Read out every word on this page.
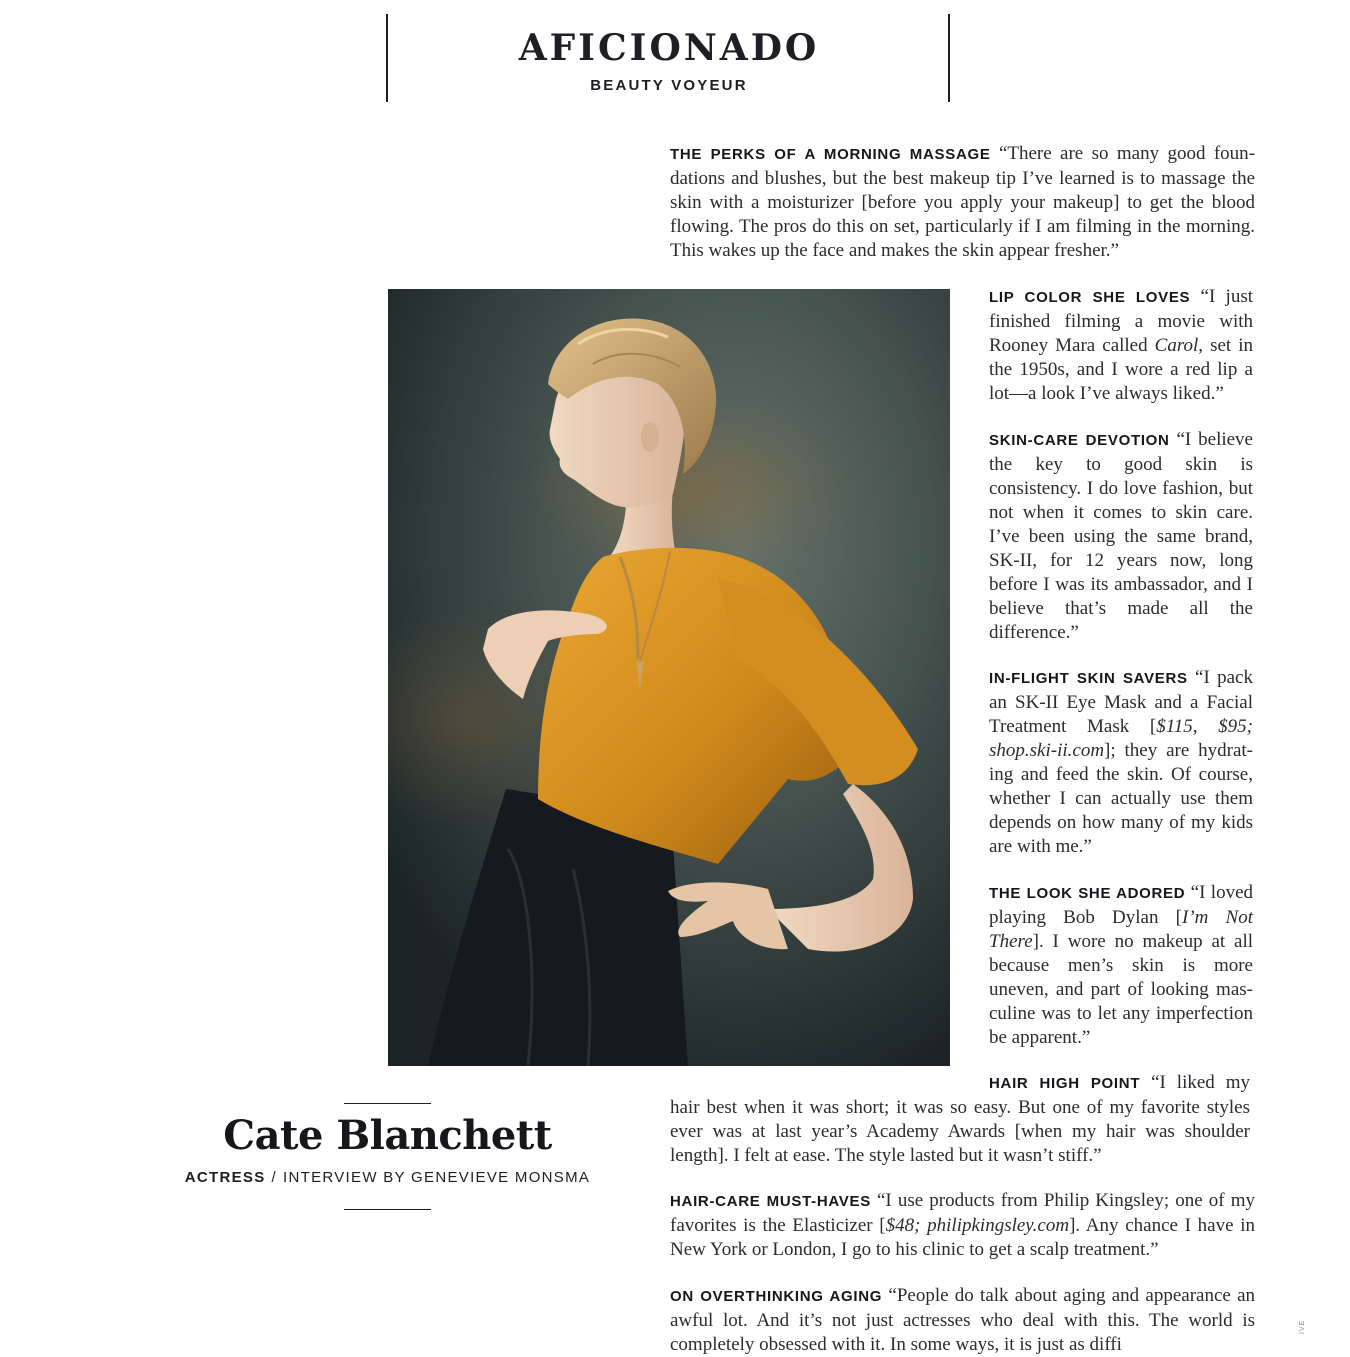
AFICIONADO
BEAUTY VOYEUR

THE PERKS OF A MORNING MASSAGE “There are so many good foundations and blushes, but the best makeup tip I’ve learned is to massage the skin with a moisturizer [before you apply your makeup] to get the blood flowing. The pros do this on set, particularly if I am filming in the morning. This wakes up the face and makes the skin appear fresher.”

LIP COLOR SHE LOVES “I just finished filming a movie with Rooney Mara called Carol, set in the 1950s, and I wore a red lip a lot—a look I’ve always liked.”

SKIN-CARE DEVOTION “I believe the key to good skin is consistency. I do love fashion, but not when it comes to skin care. I’ve been using the same brand, SK-II, for 12 years now, long before I was its ambassador, and I believe that’s made all the difference.”

IN-FLIGHT SKIN SAVERS “I pack an SK-II Eye Mask and a Facial Treatment Mask [$115, $95; shop.ski-ii.com]; they are hydrating and feed the skin. Of course, whether I can actually use them depends on how many of my kids are with me.”

THE LOOK SHE ADORED “I loved playing Bob Dylan [I’m Not There]. I wore no makeup at all because men’s skin is more uneven, and part of looking masculine was to let any imperfection be apparent.”

HAIR HIGH POINT “I liked my hair best when it was short; it was so easy. But one of my favorite styles ever was at last year’s Academy Awards [when my hair was shoulder length]. I felt at ease. The style lasted but it wasn’t stiff.”

HAIR-CARE MUST-HAVES “I use products from Philip Kingsley; one of my favorites is the Elasticizer [$48; philipkingsley.com]. Any chance I have in New York or London, I go to his clinic to get a scalp treatment.”

ON OVERTHINKING AGING “People do talk about aging and appearance an awful lot. And it’s not just actresses who deal with this. The world is completely obsessed with it. In some ways, it is just as diffi

Cate Blanchett
ACTRESS / INTERVIEW BY GENEVIEVE MONSMA
IVE
